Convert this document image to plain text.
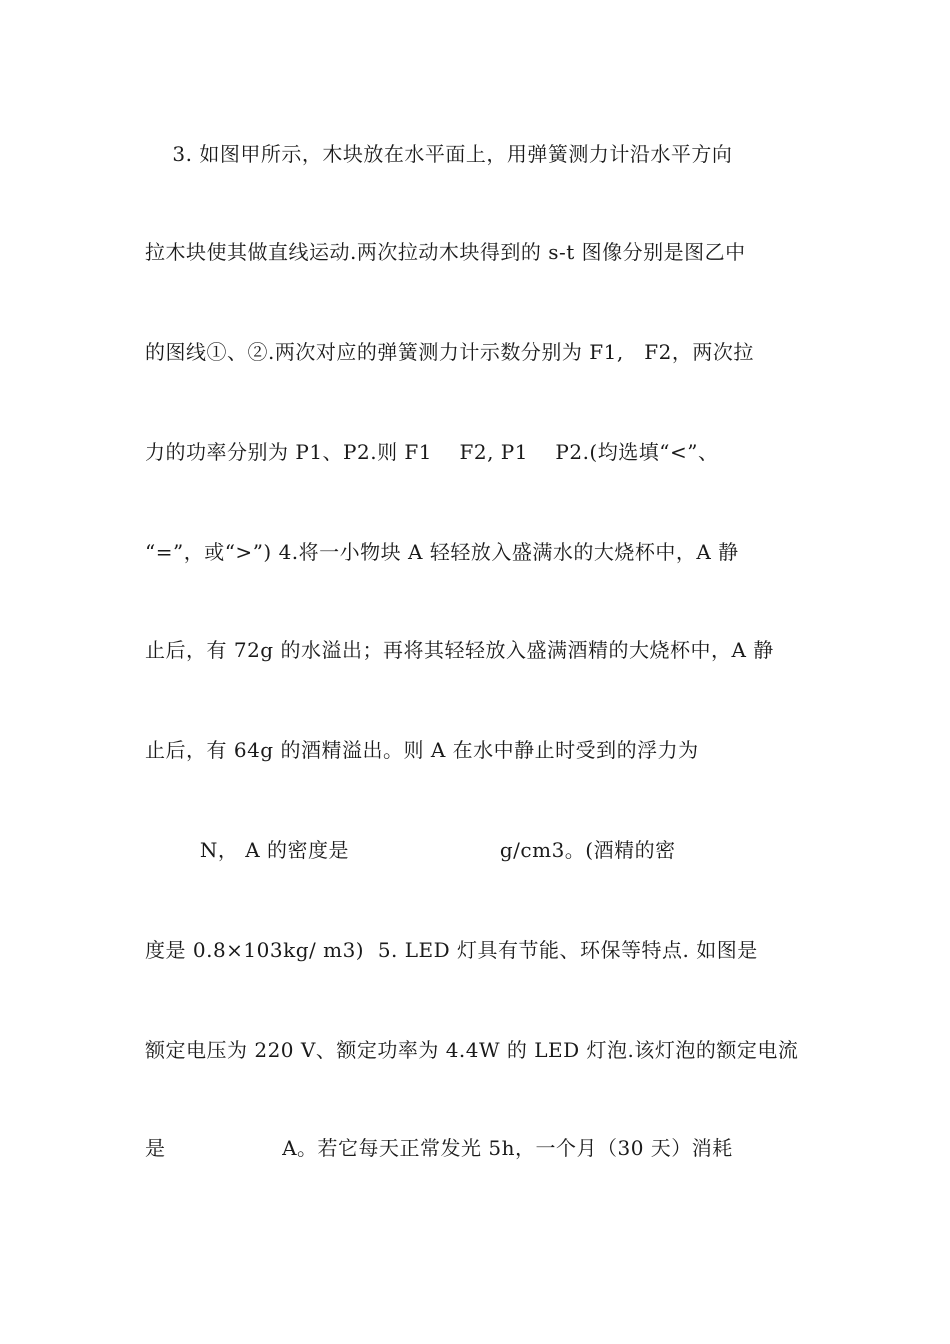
3. 如图甲所示，木块放在水平面上，用弹簧测力计沿水平方向
拉木块使其做直线运动.两次拉动木块得到的 s-t 图像分别是图乙中
的图线①、②.两次对应的弹簧测力计示数分别为 F1,   F2，两次拉
力的功率分别为 P1、P2.则 F1    F2, P1    P2.(均选填“<”、
“=”，或“>”) 4.将一小物块 A 轻轻放入盛满水的大烧杯中，A 静
止后，有 72g 的水溢出；再将其轻轻放入盛满酒精的大烧杯中，A 静
止后，有 64g 的酒精溢出。则 A 在水中静止时受到的浮力为
N， A 的密度是                      g/cm3。(酒精的密
度是 0.8×103kg/ m3)  5. LED 灯具有节能、环保等特点. 如图是
额定电压为 220 V、额定功率为 4.4W 的 LED 灯泡.该灯泡的额定电流
是                 A。若它每天正常发光 5h，一个月（30 天）消耗
